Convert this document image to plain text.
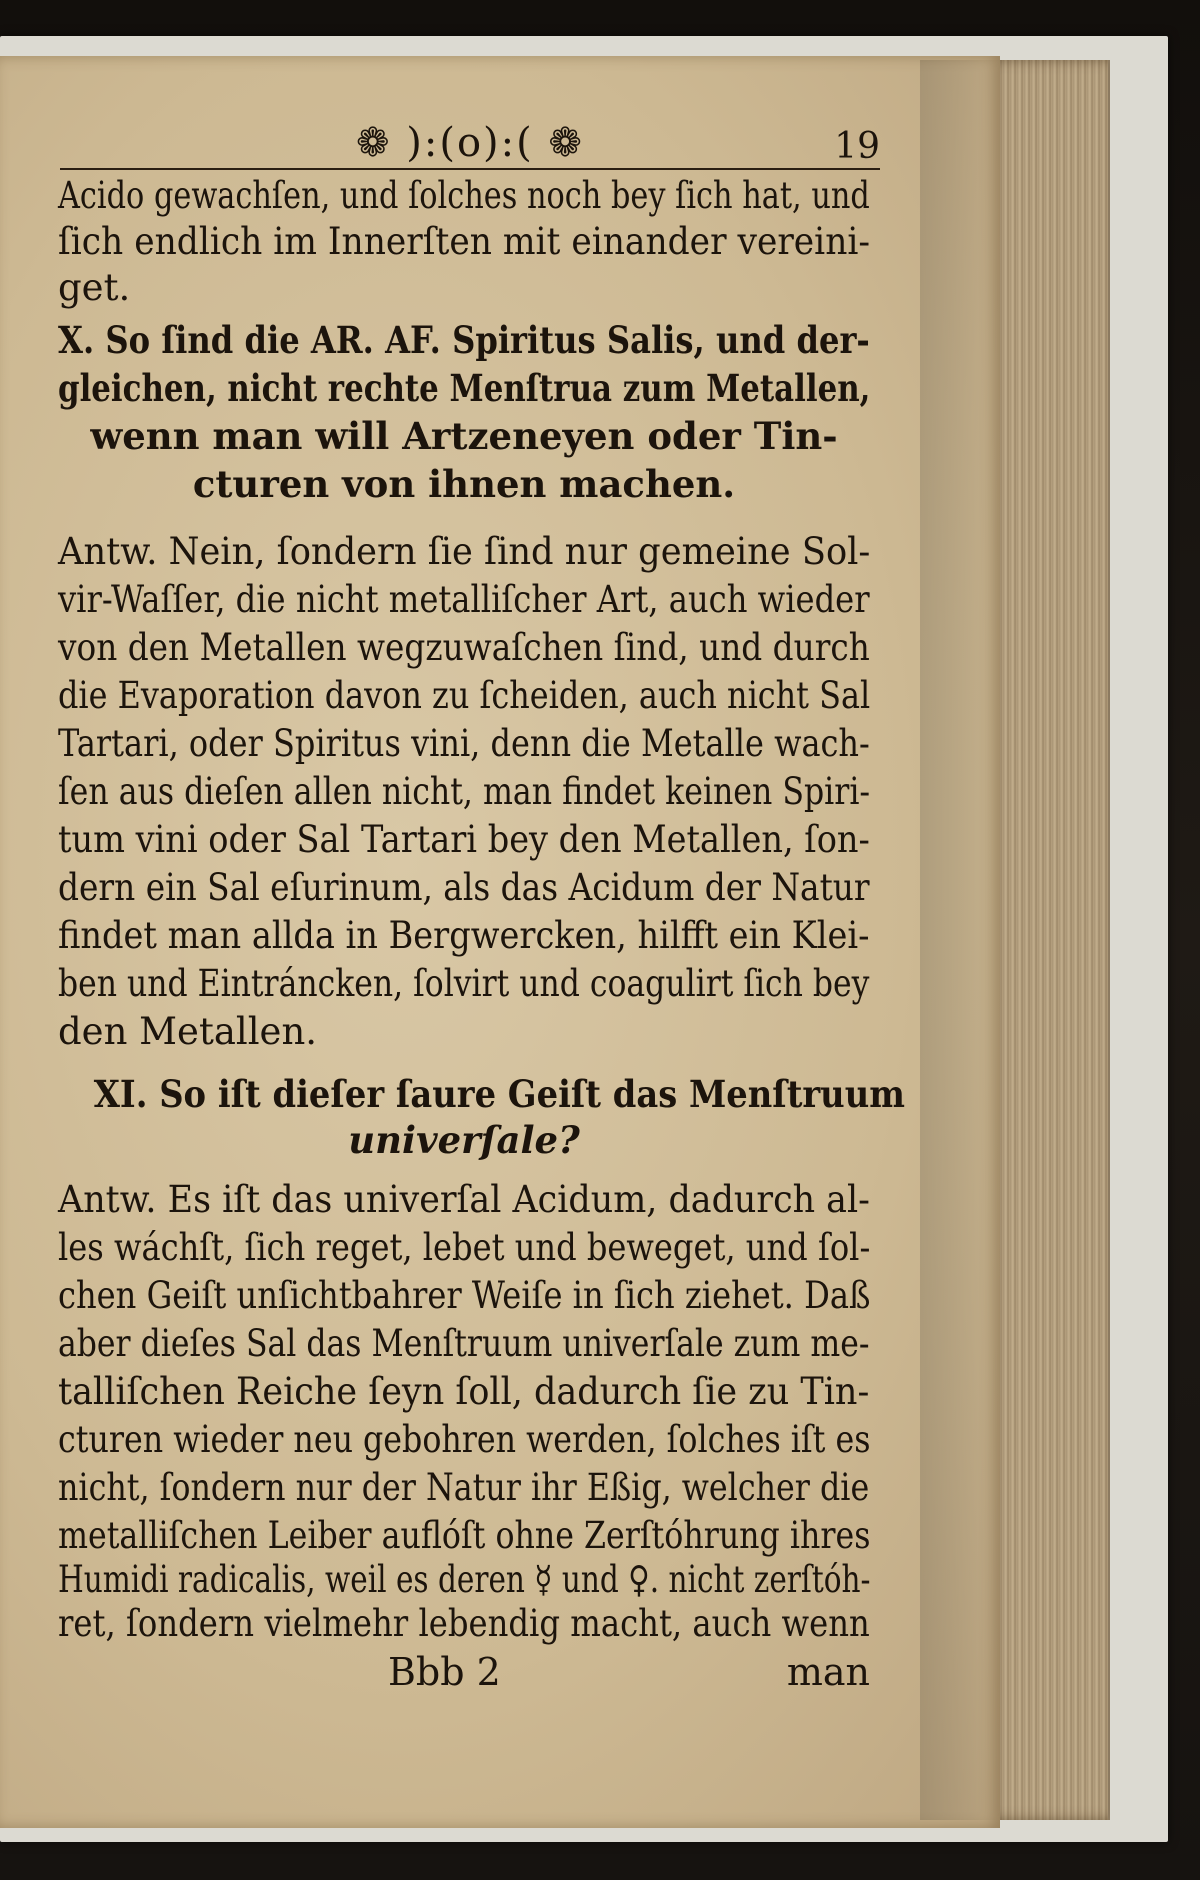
❁ ):(o):( ❁	19
Acido gewachſen, und ſolches noch bey ſich hat, und
ſich endlich im Innerſten mit einander vereini-
get.
X. So ſind die AR. AF. Spiritus Salis, und der-
gleichen, nicht rechte Menſtrua zum Metallen,
wenn man will Artzeneyen oder Tin-
cturen von ihnen machen.
Antw. Nein, ſondern ſie ſind nur gemeine Sol-
vir-Waſſer, die nicht metalliſcher Art, auch wieder
von den Metallen wegzuwaſchen ſind, und durch
die Evaporation davon zu ſcheiden, auch nicht Sal
Tartari, oder Spiritus vini, denn die Metalle wach-
ſen aus dieſen allen nicht, man findet keinen Spiri-
tum vini oder Sal Tartari bey den Metallen, ſon-
dern ein Sal eſurinum, als das Acidum der Natur
findet man allda in Bergwercken, hilfft ein Klei-
ben und Eintráncken, ſolvirt und coagulirt ſich bey
den Metallen.
XI. So iſt dieſer ſaure Geiſt das Menſtruum
univerſale?
Antw. Es iſt das univerſal Acidum, dadurch al-
les wáchſt, ſich reget, lebet und beweget, und ſol-
chen Geiſt unſichtbahrer Weiſe in ſich ziehet. Daß
aber dieſes Sal das Menſtruum univerſale zum me-
talliſchen Reiche ſeyn ſoll, dadurch ſie zu Tin-
cturen wieder neu gebohren werden, ſolches iſt es
nicht, ſondern nur der Natur ihr Eßig, welcher die
metalliſchen Leiber auflóſt ohne Zerſtóhrung ihres
Humidi radicalis, weil es deren ☿ und ♀. nicht zerſtóh-
ret, ſondern vielmehr lebendig macht, auch wenn
Bbb 2	man
